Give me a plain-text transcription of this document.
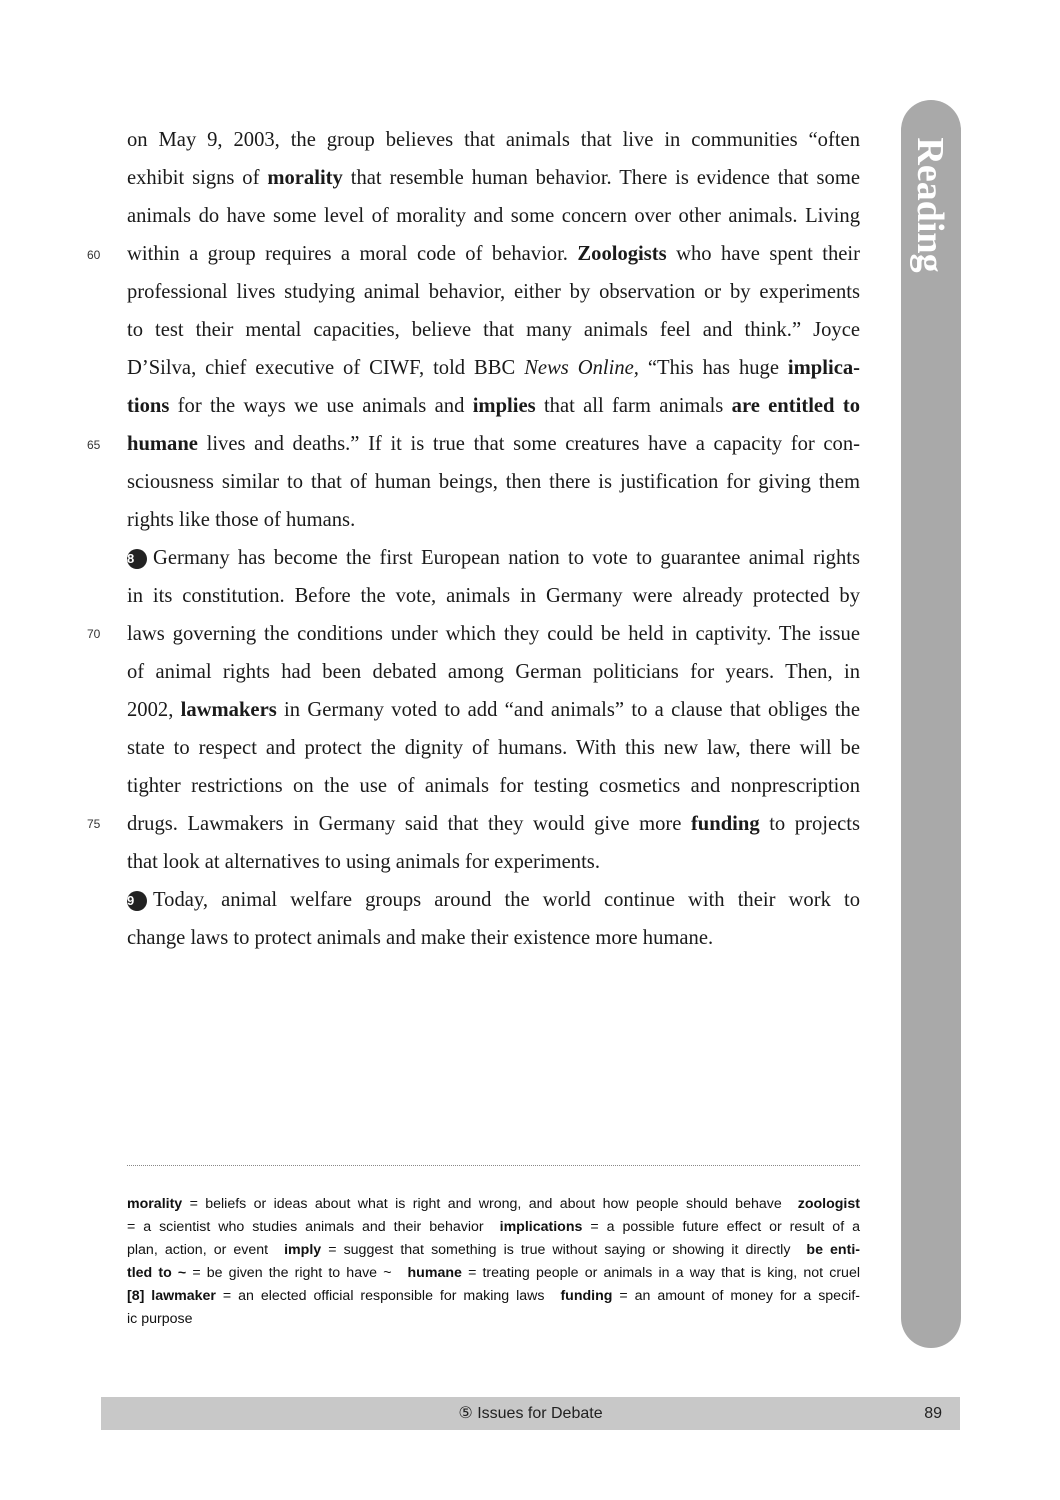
Reading
60
65
70
75
on May 9, 2003, the group believes that animals that live in communities “often
exhibit signs of morality that resemble human behavior. There is evidence that some
animals do have some level of morality and some concern over other animals. Living
within a group requires a moral code of behavior. Zoologists who have spent their
professional lives studying animal behavior, either by observation or by experiments
to test their mental capacities, believe that many animals feel and think.” Joyce
D’Silva, chief executive of CIWF, told BBC News Online, “This has huge implica-
tions for the ways we use animals and implies that all farm animals are entitled to
humane lives and deaths.” If it is true that some creatures have a capacity for con-
sciousness similar to that of human beings, then there is justification for giving them
rights like those of humans.
8 Germany has become the first European nation to vote to guarantee animal rights
in its constitution. Before the vote, animals in Germany were already protected by
laws governing the conditions under which they could be held in captivity. The issue
of animal rights had been debated among German politicians for years. Then, in
2002, lawmakers in Germany voted to add “and animals” to a clause that obliges the
state to respect and protect the dignity of humans. With this new law, there will be
tighter restrictions on the use of animals for testing cosmetics and nonprescription
drugs. Lawmakers in Germany said that they would give more funding to projects
that look at alternatives to using animals for experiments.
9 Today, animal welfare groups around the world continue with their work to
change laws to protect animals and make their existence more humane.
morality = beliefs or ideas about what is right and wrong, and about how people should behave zoologist
= a scientist who studies animals and their behavior implications = a possible future effect or result of a
plan, action, or event imply = suggest that something is true without saying or showing it directly be enti-
tled to ~ = be given the right to have ~ humane = treating people or animals in a way that is king, not cruel
[8] lawmaker = an elected official responsible for making laws funding = an amount of money for a specif-
ic purpose
⑤ Issues for Debate	89
